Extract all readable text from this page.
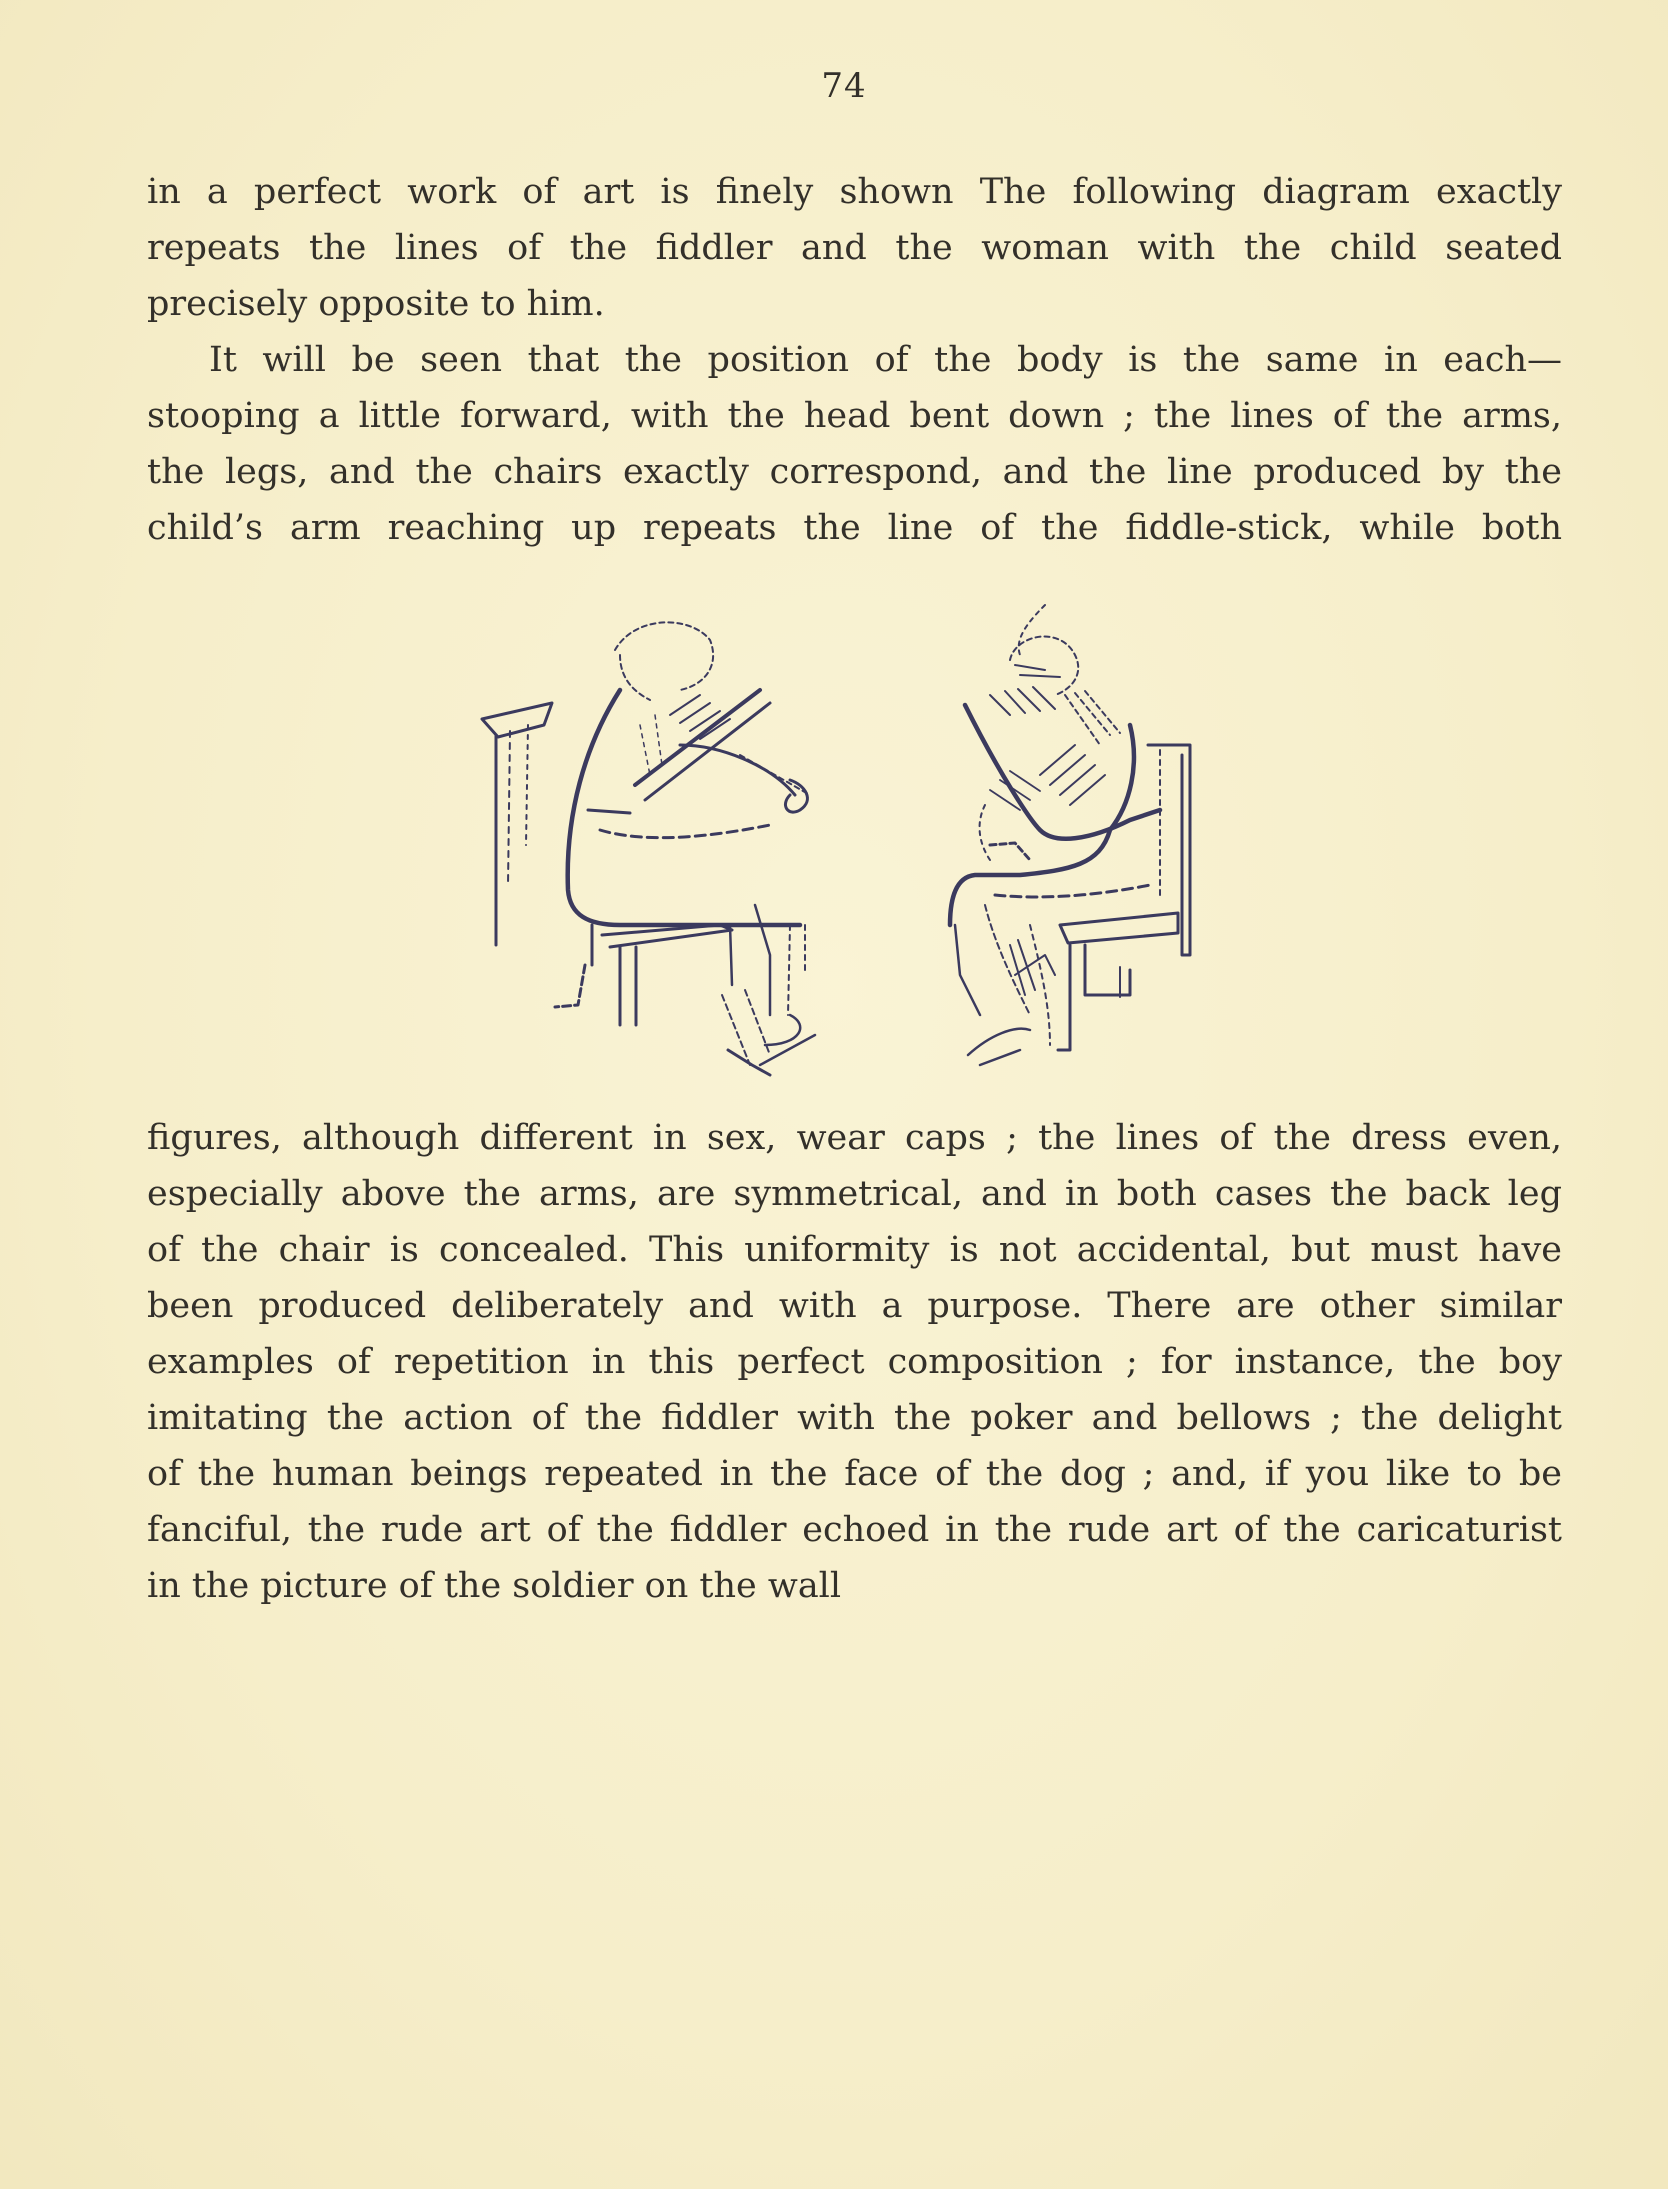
74
in a perfect work of art is finely shown The following diagram exactly
repeats the lines of the fiddler and the woman with the child seated
precisely opposite to him.
It will be seen that the position of the body is the same in each—
stooping a little forward, with the head bent down ; the lines of the arms,
the legs, and the chairs exactly correspond, and the line produced by the
child’s arm reaching up repeats the line of the fiddle-stick, while both
figures, although different in sex, wear caps ; the lines of the dress even,
especially above the arms, are symmetrical, and in both cases the back leg
of the chair is concealed. This uniformity is not accidental, but must have
been produced deliberately and with a purpose. There are other similar
examples of repetition in this perfect composition ; for instance, the boy
imitating the action of the fiddler with the poker and bellows ; the delight
of the human beings repeated in the face of the dog ; and, if you like to be
fanciful, the rude art of the fiddler echoed in the rude art of the caricaturist
in the picture of the soldier on the wall
